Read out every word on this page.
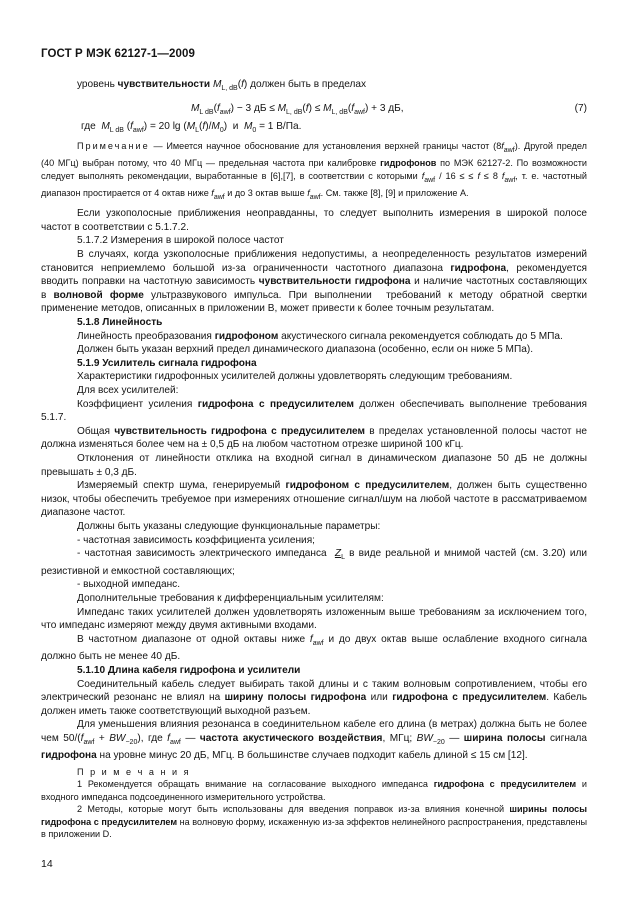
ГОСТ Р МЭК 62127-1—2009

уровень чувствительности $M_{L, dB}(f)$ должен быть в пределах

$M_{L dB}(f_{awf}) - 3$ дБ ≤ $M_{L, dB}(f) \le M_{L, dB}(f_{awf}) + 3$ дБ,	(7)

где  $M_{L dB}$ $(f_{awf}) = 20$ $\lg (M_L(f)/M_0)$  и  $M_0 = 1$ В/Па.

Примечание — Имеется научное обоснование для установления верхней границы частот $(8f_{awf})$. Другой предел (40 МГц) выбран потому, что 40 МГц — предельная частота при калибровке гидрофонов по МЭК 62127-2. По возможности следует выполнять рекомендации, выработанные в [6],[7], в соответствии с которыми $f_{awf} / 16$ ≤ ≤ f ≤ 8 $f_{awf}$, т. е. частотный диапазон простирается от 4 октав ниже $f_{awf}$ и до 3 октав выше $f_{awf}$. См. также [8], [9] и приложение А.

Если узкополосные приближения неоправданны, то следует выполнить измерения в широкой полосе частот в соответствии с 5.1.7.2.

5.1.7.2 Измерения в широкой полосе частот

В случаях, когда узкополосные приближения недопустимы, а неопределенность результатов измерений становится неприемлемо большой из-за ограниченности частотного диапазона гидрофона, рекомендуется вводить поправки на частотную зависимость чувствительности гидрофона и наличие частотных составляющих в волновой форме ультразвукового импульса. При выполнении  требований к методу обратной свертки применение методов, описанных в приложении В, может привести к более точным результатам.

5.1.8 Линейность

Линейность преобразования гидрофоном акустического сигнала рекомендуется соблюдать до 5 МПа.

Должен быть указан верхний предел динамического диапазона (особенно, если он ниже 5 МПа).

5.1.9 Усилитель сигнала гидрофона

Характеристики гидрофонных усилителей должны удовлетворять следующим требованиям.

Для всех усилителей:

Коэффициент усиления гидрофона с предусилителем должен обеспечивать выполнение требования 5.1.7.

Общая чувствительность гидрофона с предусилителем в пределах установленной полосы частот не должна изменяться более чем на ± 0,5 дБ на любом частотном отрезке шириной 100 кГц.

Отклонения от линейности отклика на входной сигнал в динамическом диапазоне 50 дБ не должны превышать ± 0,3 дБ.

Измеряемый спектр шума, генерируемый гидрофоном с предусилителем, должен быть существенно низок, чтобы обеспечить требуемое при измерениях отношение сигнал/шум на любой частоте в рассматриваемом диапазоне частот.

Должны быть указаны следующие функциональные параметры:

- частотная зависимость коэффициента усиления;

- частотная зависимость электрического импеданса  $Z_L$ в виде реальной и мнимой частей (см. 3.20) или резистивной и емкостной составляющих;

- выходной импеданс.

Дополнительные требования к дифференциальным усилителям:

Импеданс таких усилителей должен удовлетворять изложенным выше требованиям за исключением того, что импеданс измеряют между двумя активными входами.

В частотном диапазоне от одной октавы ниже $f_{awf}$ и до двух октав выше ослабление входного сигнала должно быть не менее 40 дБ.

5.1.10 Длина кабеля гидрофона и усилители

Соединительный кабель следует выбирать такой длины и с таким волновым сопротивлением, чтобы его электрический резонанс не влиял на ширину полосы гидрофона или гидрофона с предусилителем. Кабель должен иметь также соответствующий выходной разъем.

Для уменьшения влияния резонанса в соединительном кабеле его длина (в метрах) должна быть не более чем $50/(f_{awf} + BW_{-20})$, где $f_{awf}$ — частота акустического воздействия, МГц; $BW_{-20}$ — ширина полосы сигнала гидрофона на уровне минус 20 дБ, МГц. В большинстве случаев подходит кабель длиной ≤ 15 см [12].

П р и м е ч а н и я

1 Рекомендуется обращать внимание на согласование выходного импеданса гидрофона с предусилителем и входного импеданса подсоединенного измерительного устройства.

2 Методы, которые могут быть использованы для введения поправок из-за влияния конечной ширины полосы гидрофона с предусилителем на волновую форму, искаженную из-за эффектов нелинейного распространения, представлены в приложении D.

14
